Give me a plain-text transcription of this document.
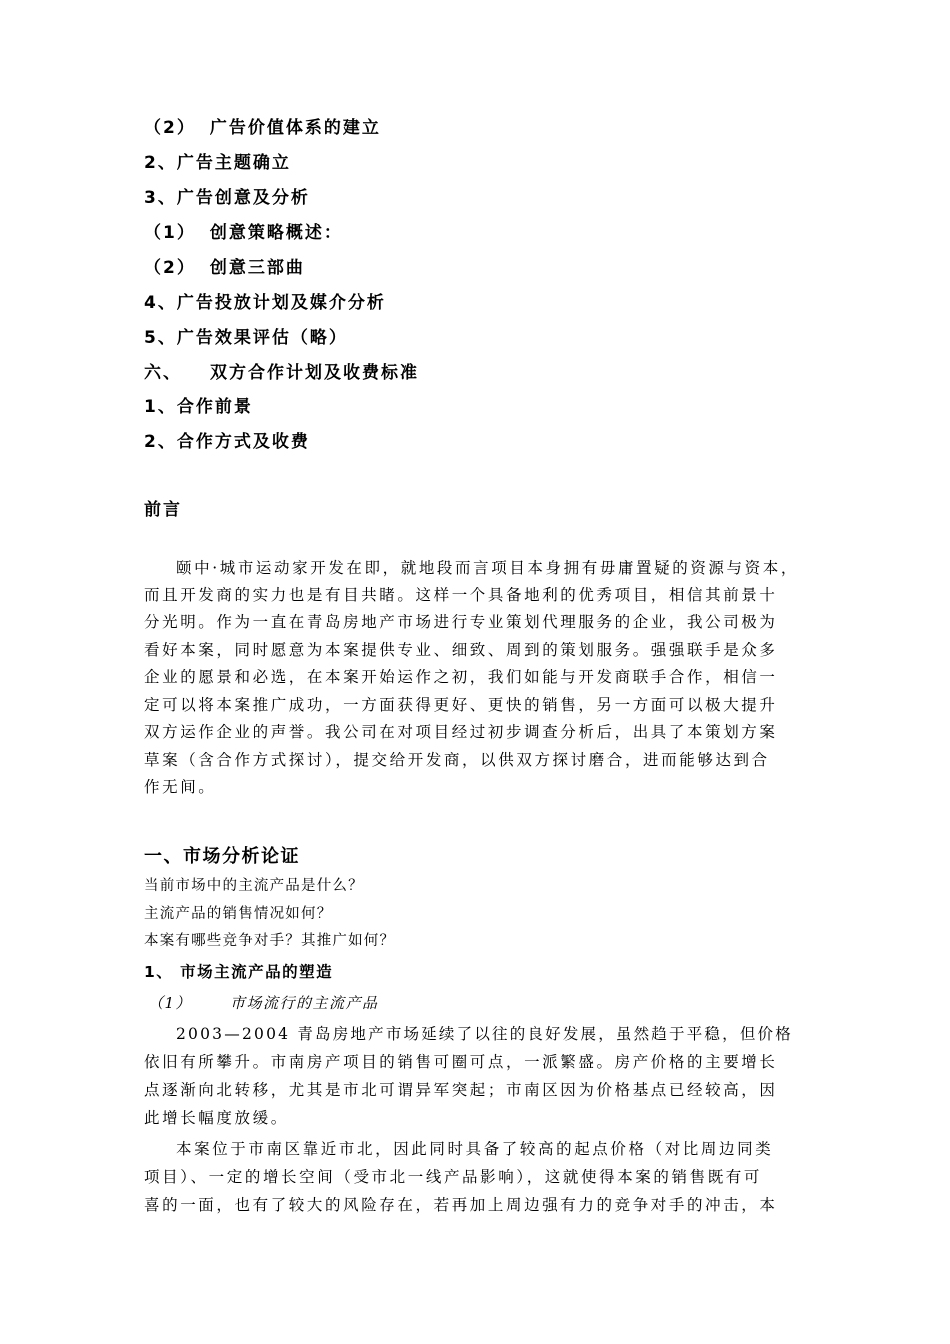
（2） 广告价值体系的建立
2、广告主题确立
3、广告创意及分析
（1） 创意策略概述：
（2） 创意三部曲
4、广告投放计划及媒介分析
5、广告效果评估（略）
六、 双方合作计划及收费标准
1、合作前景
2、合作方式及收费
前言
颐中·城市运动家开发在即，就地段而言项目本身拥有毋庸置疑的资源与资本，
而且开发商的实力也是有目共睹。这样一个具备地利的优秀项目，相信其前景十
分光明。作为一直在青岛房地产市场进行专业策划代理服务的企业，我公司极为
看好本案，同时愿意为本案提供专业、细致、周到的策划服务。强强联手是众多
企业的愿景和必选，在本案开始运作之初，我们如能与开发商联手合作，相信一
定可以将本案推广成功，一方面获得更好、更快的销售，另一方面可以极大提升
双方运作企业的声誉。我公司在对项目经过初步调查分析后，出具了本策划方案
草案（含合作方式探讨），提交给开发商，以供双方探讨磨合，进而能够达到合
作无间。
一、市场分析论证
当前市场中的主流产品是什么？
主流产品的销售情况如何？
本案有哪些竞争对手？其推广如何？
1、 市场主流产品的塑造
（1）	市场流行的主流产品
2003—2004 青岛房地产市场延续了以往的良好发展，虽然趋于平稳，但价格
依旧有所攀升。市南房产项目的销售可圈可点，一派繁盛。房产价格的主要增长
点逐渐向北转移，尤其是市北可谓异军突起；市南区因为价格基点已经较高，因
此增长幅度放缓。
本案位于市南区靠近市北，因此同时具备了较高的起点价格（对比周边同类
项目）、一定的增长空间（受市北一线产品影响），这就使得本案的销售既有可
喜的一面，也有了较大的风险存在，若再加上周边强有力的竞争对手的冲击，本
